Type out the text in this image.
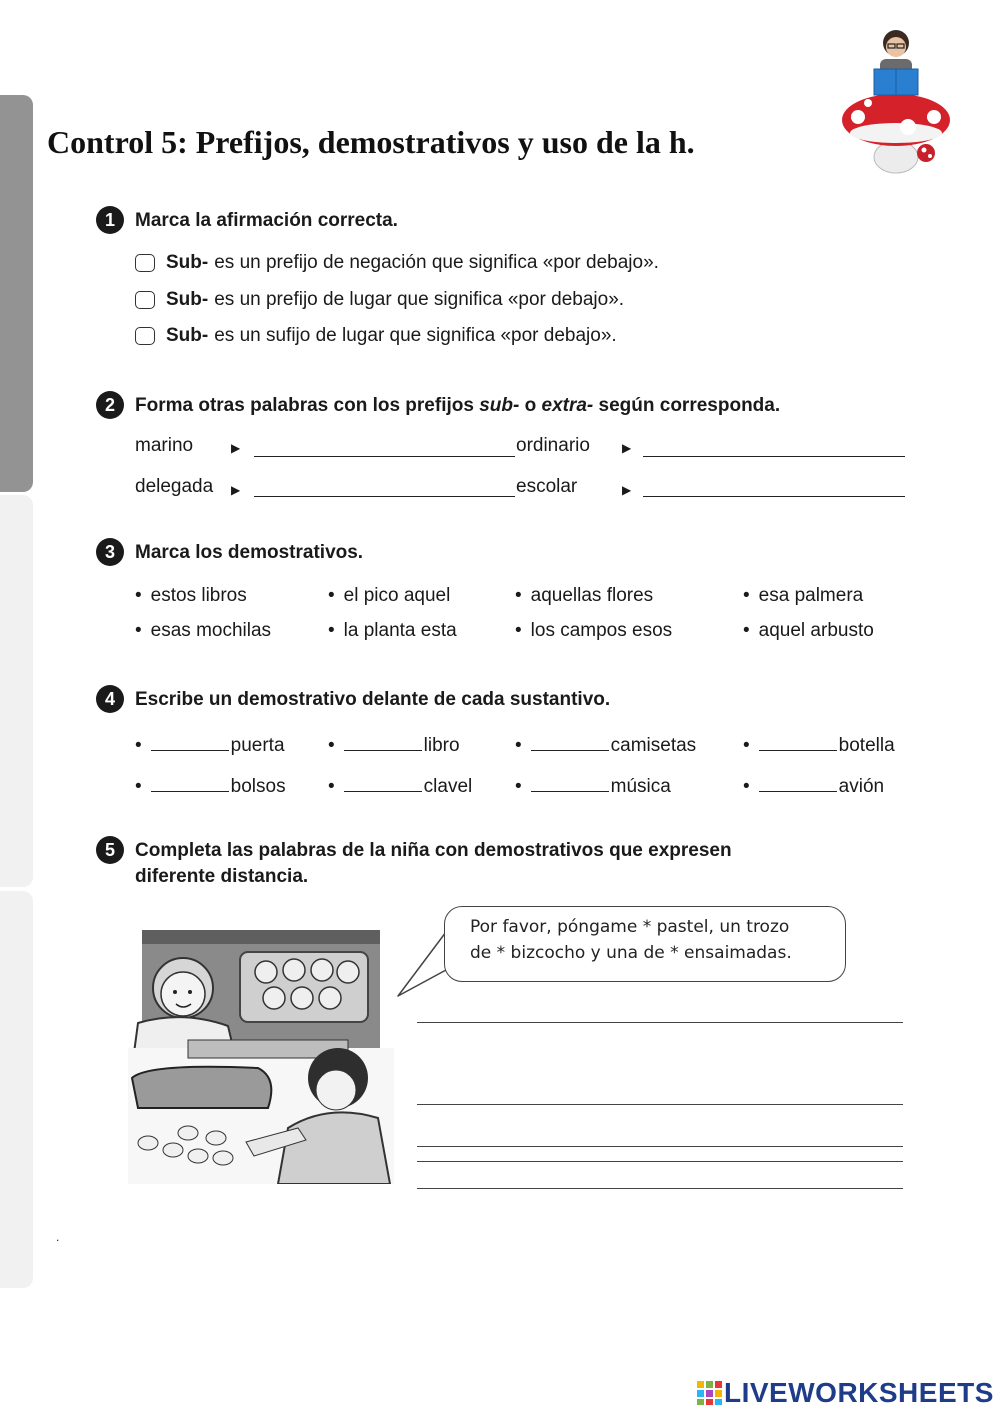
Control 5: Prefijos, demostrativos y uso de la h.
1	Marca la afirmación correcta.
Sub- es un prefijo de negación que significa «por debajo».
Sub- es un prefijo de lugar que significa «por debajo».
Sub- es un sufijo de lugar que significa «por debajo».
2	Forma otras palabras con los prefijos sub- o extra- según corresponda.
marino	▶	ordinario	▶
delegada ▶	escolar	▶
3	Marca los demostrativos.
• estos libros	• el pico aquel	• aquellas flores	• esa palmera
• esas mochilas	• la planta esta	• los campos esos	• aquel arbusto
4	Escribe un demostrativo delante de cada sustantivo.
•	puerta •	libro	•	camisetas •	botella
•	bolsos •	clavel •	música	•	avión
5	Completa las palabras de la niña con demostrativos que expresen
diferente distancia.
Por favor, póngame * pastel, un trozo
de * bizcocho y una de * ensaimadas.
.
LIVEWORKSHEETS
